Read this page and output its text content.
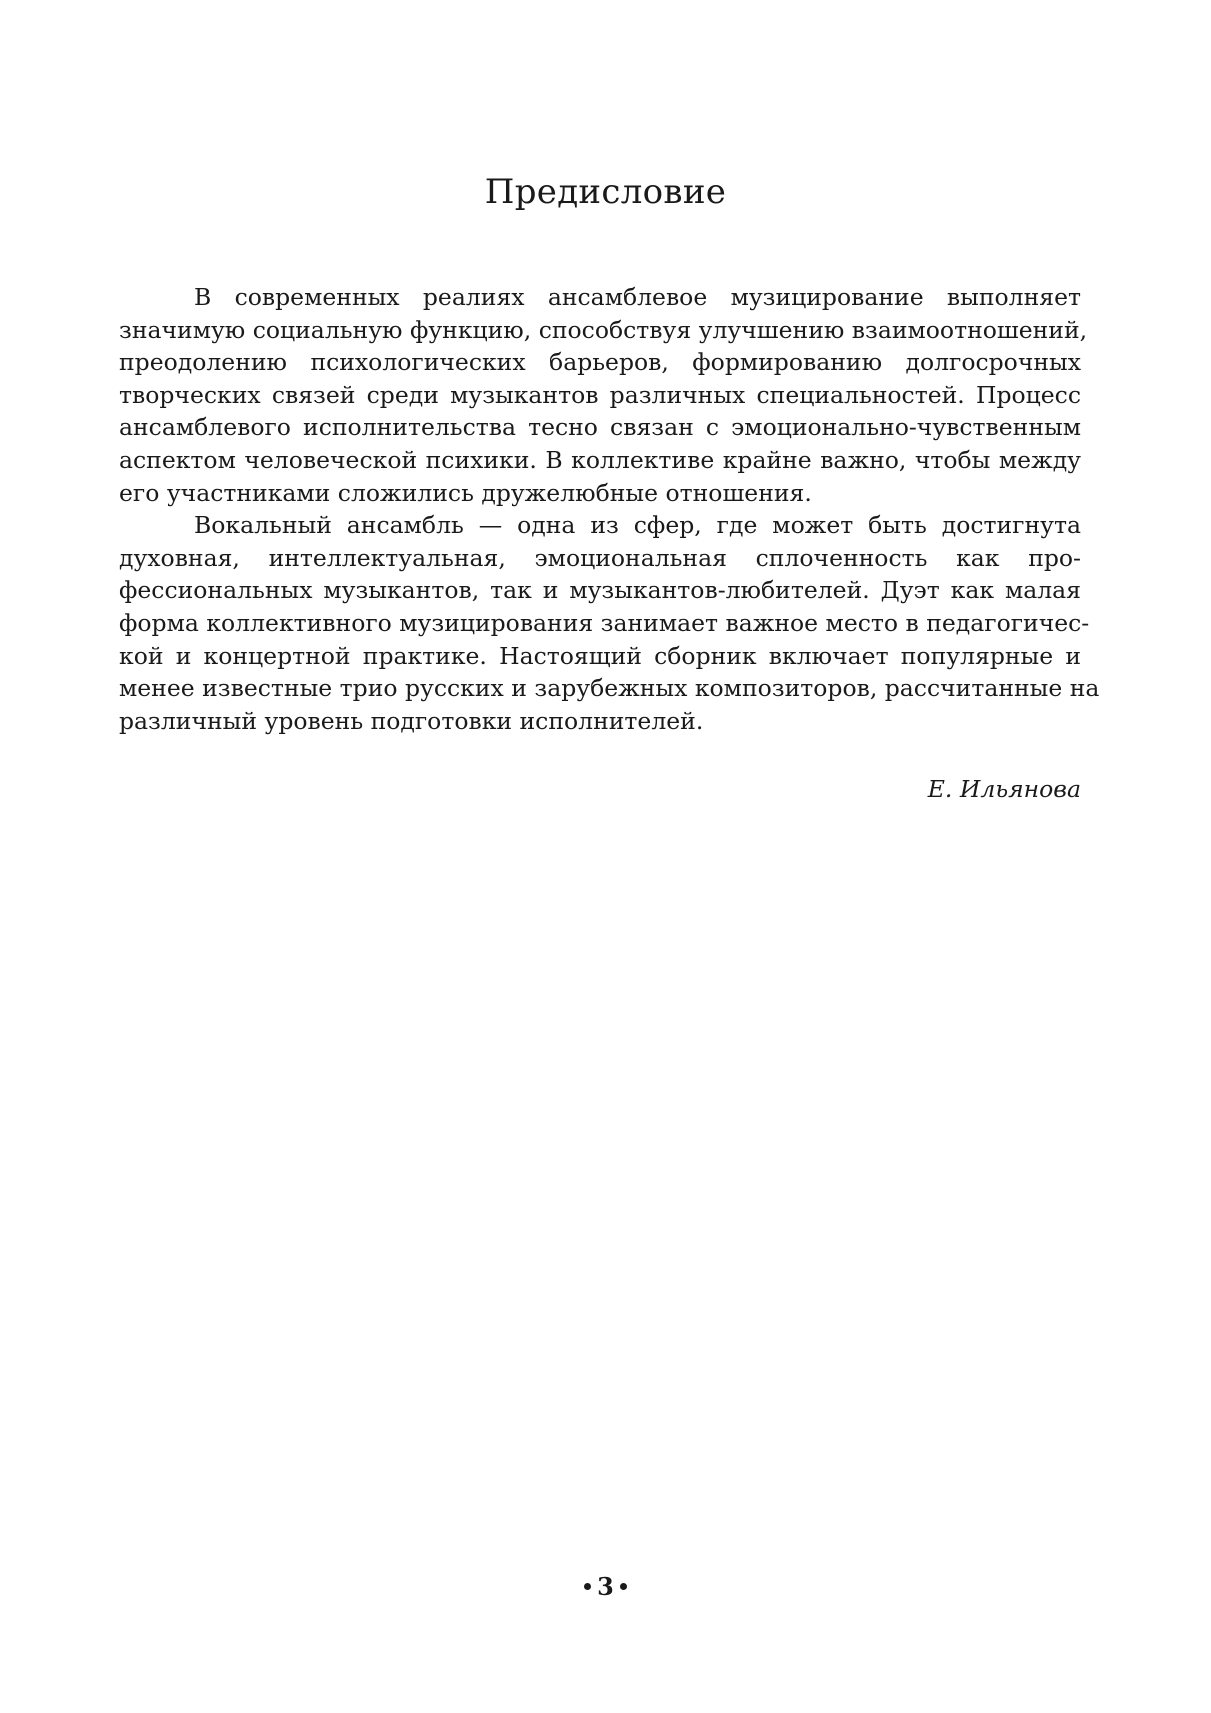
Предисловие

В современных реалиях ансамблевое музицирование выполняет
значимую социальную функцию, способствуя улучшению взаимоотношений,
преодолению психологических барьеров, формированию долгосрочных
творческих связей среди музыкантов различных специальностей. Процесс
ансамблевого исполнительства тесно связан с эмоционально-чувственным
аспектом человеческой психики. В коллективе крайне важно, чтобы между
его участниками сложились дружелюбные отношения.

Вокальный ансамбль — одна из сфер, где может быть достигнута
духовная, интеллектуальная, эмоциональная сплоченность как про-
фессиональных музыкантов, так и музыкантов-любителей. Дуэт как малая
форма коллективного музицирования занимает важное место в педагогичес-
кой и концертной практике. Настоящий сборник включает популярные и
менее известные трио русских и зарубежных композиторов, рассчитанные на
различный уровень подготовки исполнителей.

Е. Ильянова
3
